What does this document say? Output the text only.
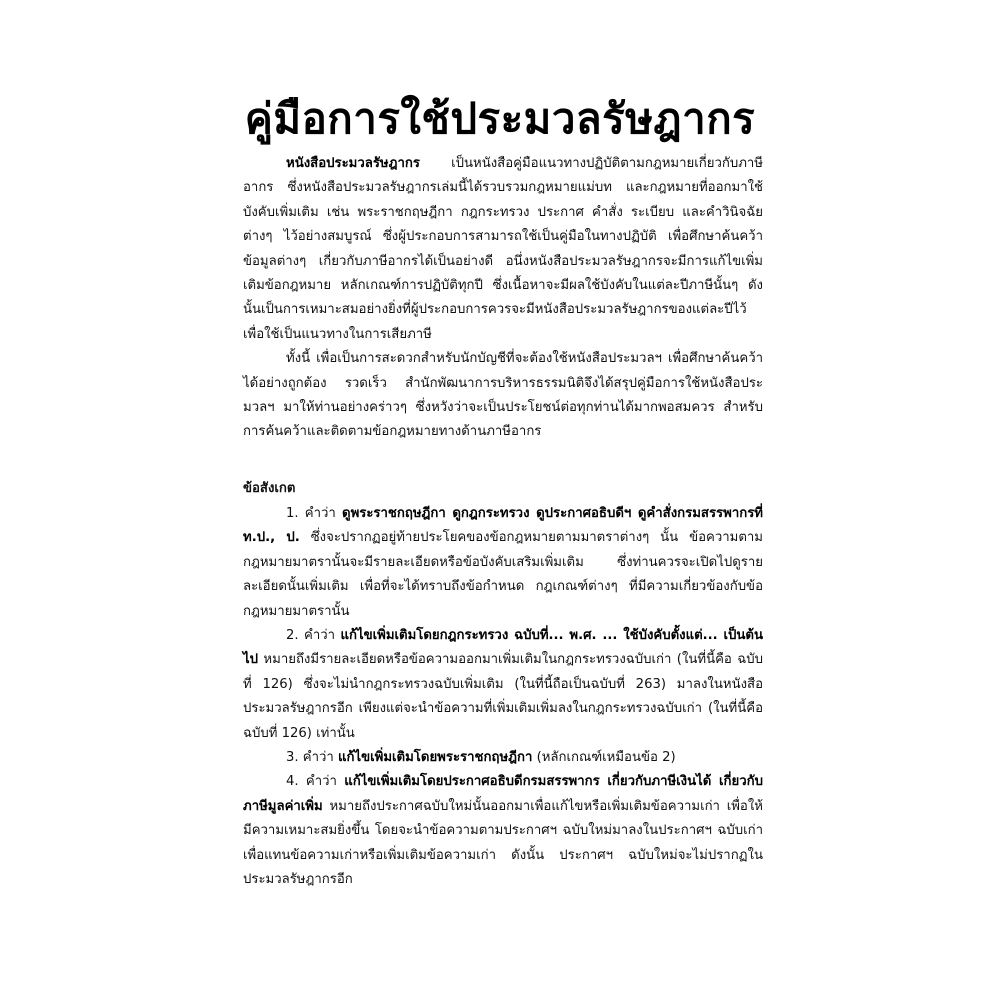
คู่มือการใช้ประมวลรัษฎากร

หนังสือประมวลรัษฎากร เป็นหนังสือคู่มือแนวทางปฏิบัติตามกฎหมายเกี่ยวกับภาษีอากร ซึ่งหนังสือประมวลรัษฎากรเล่มนี้ได้รวบรวมกฎหมายแม่บท และกฎหมายที่ออกมาใช้บังคับเพิ่มเติม เช่น พระราชกฤษฎีกา กฎกระทรวง ประกาศ คำสั่ง ระเบียบ และคำวินิจฉัยต่างๆ ไว้อย่างสมบูรณ์ ซึ่งผู้ประกอบการสามารถใช้เป็นคู่มือในทางปฏิบัติ เพื่อศึกษาค้นคว้าข้อมูลต่างๆ เกี่ยวกับภาษีอากรได้เป็นอย่างดี อนึ่งหนังสือประมวลรัษฎากรจะมีการแก้ไขเพิ่มเติมข้อกฎหมาย หลักเกณฑ์การปฏิบัติทุกปี ซึ่งเนื้อหาจะมีผลใช้บังคับในแต่ละปีภาษีนั้นๆ ดังนั้นเป็นการเหมาะสมอย่างยิ่งที่ผู้ประกอบการควรจะมีหนังสือประมวลรัษฎากรของแต่ละปีไว้เพื่อใช้เป็นแนวทางในการเสียภาษี

ทั้งนี้ เพื่อเป็นการสะดวกสำหรับนักบัญชีที่จะต้องใช้หนังสือประมวลฯ เพื่อศึกษาค้นคว้าได้อย่างถูกต้อง รวดเร็ว สำนักพัฒนาการบริหารธรรมนิติจึงได้สรุปคู่มือการใช้หนังสือประมวลฯ มาให้ท่านอย่างคร่าวๆ ซึ่งหวังว่าจะเป็นประโยชน์ต่อทุกท่านได้มากพอสมควร สำหรับการค้นคว้าและติดตามข้อกฎหมายทางด้านภาษีอากร

ข้อสังเกต

1. คำว่า ดูพระราชกฤษฎีกา ดูกฎกระทรวง ดูประกาศอธิบดีฯ ดูคำสั่งกรมสรรพากรที่ ท.ป., ป. ซึ่งจะปรากฏอยู่ท้ายประโยคของข้อกฎหมายตามมาตราต่างๆ นั้น ข้อความตามกฎหมายมาตรานั้นจะมีรายละเอียดหรือข้อบังคับเสริมเพิ่มเติม ซึ่งท่านควรจะเปิดไปดูรายละเอียดนั้นเพิ่มเติม เพื่อที่จะได้ทราบถึงข้อกำหนด กฎเกณฑ์ต่างๆ ที่มีความเกี่ยวข้องกับข้อกฎหมายมาตรานั้น

2. คำว่า แก้ไขเพิ่มเติมโดยกฎกระทรวง ฉบับที่... พ.ศ. ... ใช้บังคับตั้งแต่... เป็นต้นไป หมายถึงมีรายละเอียดหรือข้อความออกมาเพิ่มเติมในกฎกระทรวงฉบับเก่า (ในที่นี้คือ ฉบับที่ 126) ซึ่งจะไม่นำกฎกระทรวงฉบับเพิ่มเติม (ในที่นี้ถือเป็นฉบับที่ 263) มาลงในหนังสือประมวลรัษฎากรอีก เพียงแต่จะนำข้อความที่เพิ่มเติมเพิ่มลงในกฎกระทรวงฉบับเก่า (ในที่นี้คือฉบับที่ 126) เท่านั้น

3. คำว่า แก้ไขเพิ่มเติมโดยพระราชกฤษฎีกา (หลักเกณฑ์เหมือนข้อ 2)

4. คำว่า แก้ไขเพิ่มเติมโดยประกาศอธิบดีกรมสรรพากร เกี่ยวกับภาษีเงินได้ เกี่ยวกับภาษีมูลค่าเพิ่ม หมายถึงประกาศฉบับใหม่นั้นออกมาเพื่อแก้ไขหรือเพิ่มเติมข้อความเก่า เพื่อให้มีความเหมาะสมยิ่งขึ้น โดยจะนำข้อความตามประกาศฯ ฉบับใหม่มาลงในประกาศฯ ฉบับเก่า เพื่อแทนข้อความเก่าหรือเพิ่มเติมข้อความเก่า ดังนั้น ประกาศฯ ฉบับใหม่จะไม่ปรากฏในประมวลรัษฎากรอีก
